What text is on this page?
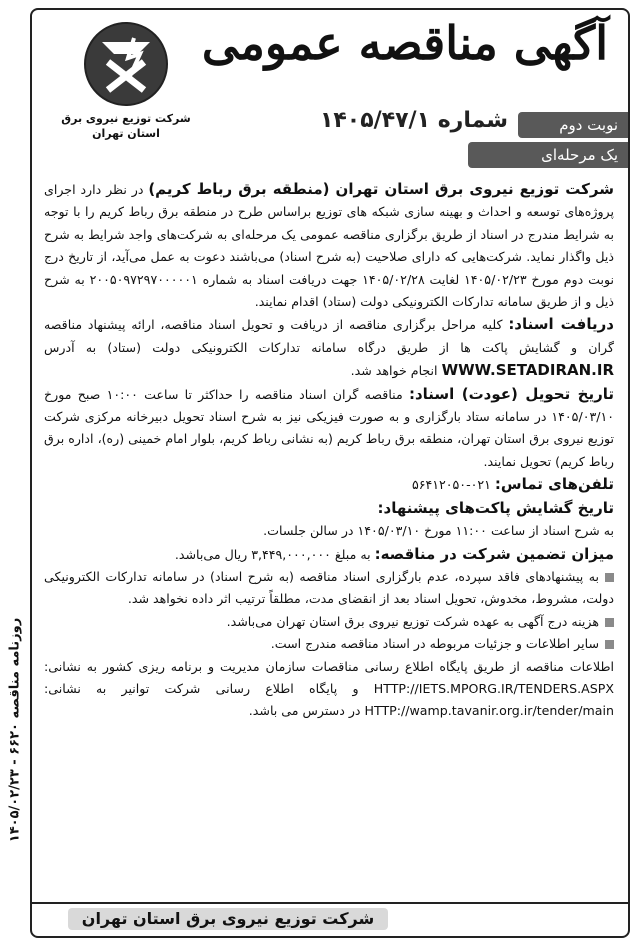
روزنامه مناقصه ۶۶۲۰ - ۱۴۰۵/۰۲/۲۳
شرکت توزیع نیروی برق
استان تهران
آگهی مناقصه عمومی
شماره ۱۴۰۵/۴۷/۱	نوبت دوم
یک مرحله‌ای

شرکت توزیع نیروی برق استان تهران (منطقه برق رباط کریم) در نظر دارد اجرای پروژه‌های توسعه و احداث و بهینه سازی شبکه های توزیع براساس طرح در منطقه برق رباط کریم را با توجه به شرایط مندرج در اسناد از طریق برگزاری مناقصه عمومی یک مرحله‌ای به شرکت‌های واجد شرایط به شرح ذیل واگذار نماید. شرکت‌هایی که دارای صلاحیت (به شرح اسناد) می‌باشند دعوت به عمل می‌آید، از تاریخ درج نوبت دوم مورخ ۱۴۰۵/۰۲/۲۳ لغایت ۱۴۰۵/۰۲/۲۸ جهت دریافت اسناد به شماره ۲۰۰۵۰۹۷۲۹۷۰۰۰۰۰۱ به شرح ذیل و از طریق سامانه تدارکات الکترونیکی دولت (ستاد) اقدام نمایند.

دریافت اسناد: کلیه مراحل برگزاری مناقصه از دریافت و تحویل اسناد مناقصه، ارائه پیشنهاد مناقصه گران و گشایش پاکت ها از طریق درگاه سامانه تدارکات الکترونیکی دولت (ستاد) به آدرس WWW.SETADIRAN.IR انجام خواهد شد.

تاریخ تحویل (عودت) اسناد: مناقصه گران اسناد مناقصه را حداکثر تا ساعت ۱۰:۰۰ صبح مورخ ۱۴۰۵/۰۳/۱۰ در سامانه ستاد بارگزاری و به صورت فیزیکی نیز به شرح اسناد تحویل دبیرخانه مرکزی شرکت توزیع نیروی برق استان تهران، منطقه برق رباط کریم (به نشانی رباط کریم، بلوار امام خمینی (ره)، اداره برق رباط کریم) تحویل نمایند.

تلفن‌های تماس: ۰۲۱-۵۶۴۱۲۰۵۰

تاریخ گشایش پاکت‌های پیشنهاد:

به شرح اسناد از ساعت ۱۱:۰۰ مورخ ۱۴۰۵/۰۳/۱۰ در سالن جلسات.

میزان تضمین شرکت در مناقصه: به مبلغ ۳,۴۴۹,۰۰۰,۰۰۰ ریال می‌باشد.

به پیشنهادهای فاقد سپرده، عدم بارگزاری اسناد مناقصه (به شرح اسناد) در سامانه تدارکات الکترونیکی دولت، مشروط، مخدوش، تحویل اسناد بعد از انقضای مدت، مطلقاً ترتیب اثر داده نخواهد شد.

هزینه درج آگهی به عهده شرکت توزیع نیروی برق استان تهران می‌باشد.

سایر اطلاعات و جزئیات مربوطه در اسناد مناقصه مندرج است.

اطلاعات مناقصه از طریق پایگاه اطلاع رسانی مناقصات سازمان مدیریت و برنامه ریزی کشور به نشانی: HTTP://IETS.MPORG.IR/TENDERS.ASPX و پایگاه اطلاع رسانی شرکت توانیر به نشانی: HTTP://wamp.tavanir.org.ir/tender/main در دسترس می باشد.

شرکت توزیع نیروی برق استان تهران
